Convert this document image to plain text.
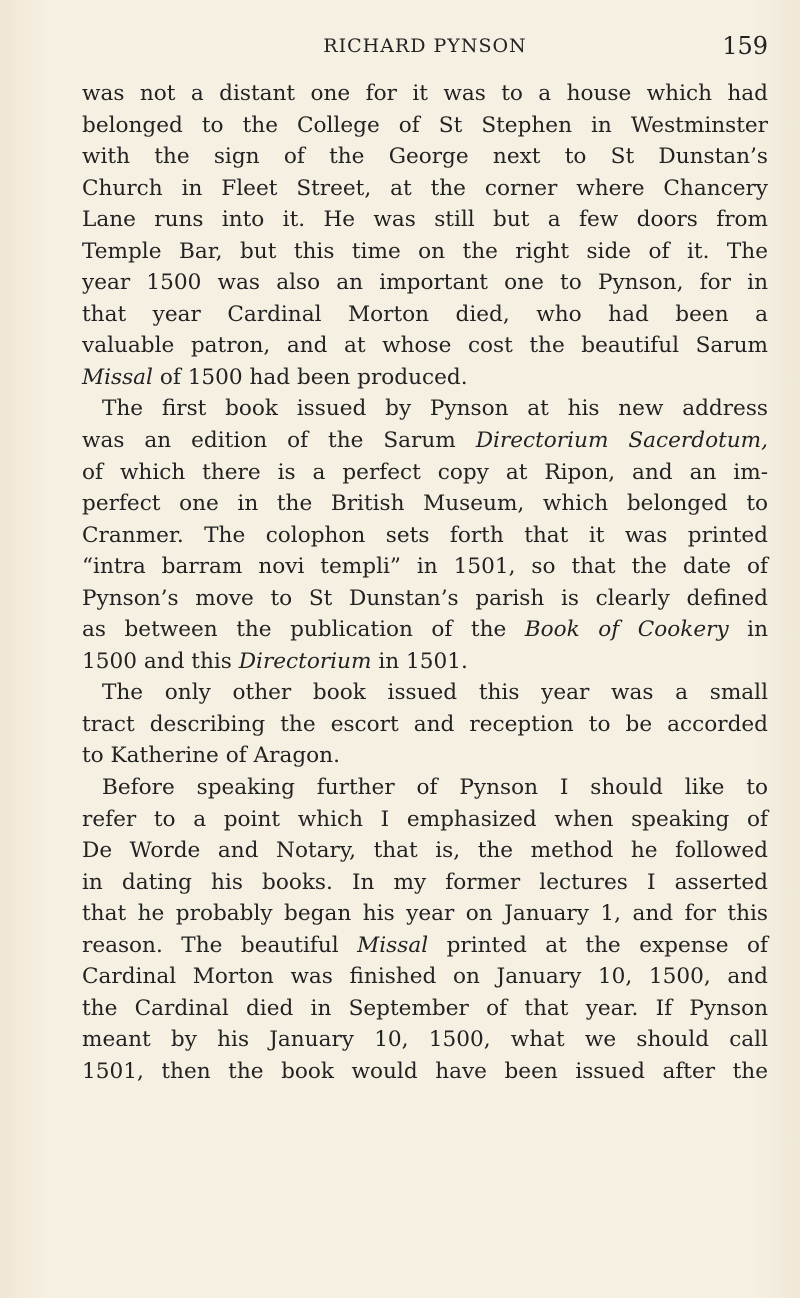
RICHARD PYNSON	159
was not a distant one for it was to a house which had
belonged to the College of St Stephen in Westminster
with the sign of the George next to St Dunstan’s
Church in Fleet Street, at the corner where Chancery
Lane runs into it. He was still but a few doors from
Temple Bar, but this time on the right side of it. The
year 1500 was also an important one to Pynson, for in
that year Cardinal Morton died, who had been a
valuable patron, and at whose cost the beautiful Sarum
Missal of 1500 had been produced.
The first book issued by Pynson at his new address
was an edition of the Sarum Directorium Sacerdotum,
of which there is a perfect copy at Ripon, and an im-
perfect one in the British Museum, which belonged to
Cranmer. The colophon sets forth that it was printed
“intra barram novi templi” in 1501, so that the date of
Pynson’s move to St Dunstan’s parish is clearly defined
as between the publication of the Book of Cookery in
1500 and this Directorium in 1501.
The only other book issued this year was a small
tract describing the escort and reception to be accorded
to Katherine of Aragon.
Before speaking further of Pynson I should like to
refer to a point which I emphasized when speaking of
De Worde and Notary, that is, the method he followed
in dating his books. In my former lectures I asserted
that he probably began his year on January 1, and for this
reason. The beautiful Missal printed at the expense of
Cardinal Morton was finished on January 10, 1500, and
the Cardinal died in September of that year. If Pynson
meant by his January 10, 1500, what we should call
1501, then the book would have been issued after the
